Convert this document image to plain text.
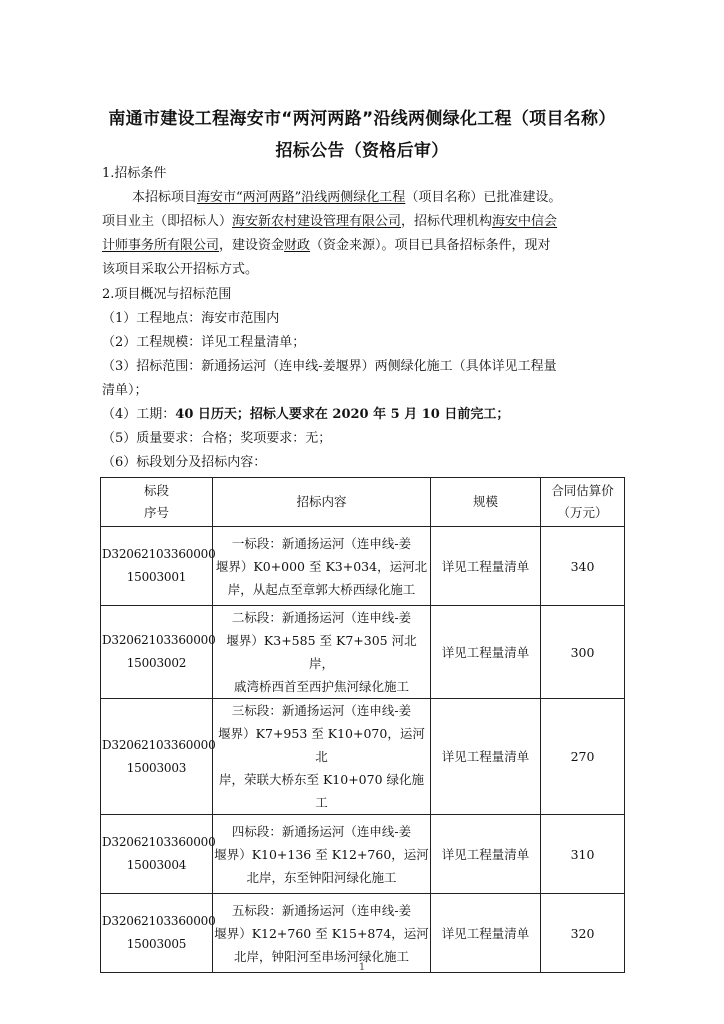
南通市建设工程海安市“两河两路”沿线两侧绿化工程（项目名称）
招标公告（资格后审）
1.招标条件
本招标项目海安市“两河两路”沿线两侧绿化工程（项目名称）已批准建设。
项目业主（即招标人）海安新农村建设管理有限公司，招标代理机构海安中信会
计师事务所有限公司，建设资金财政（资金来源）。项目已具备招标条件，现对
该项目采取公开招标方式。
2.项目概况与招标范围
（1）工程地点：海安市范围内
（2）工程规模：详见工程量清单；
（3）招标范围：新通扬运河（连申线-姜堰界）两侧绿化施工（具体详见工程量
清单）；
（4）工期：40 日历天；招标人要求在 2020 年 5 月 10 日前完工；
（5）质量要求：合格；奖项要求：无；
（6）标段划分及招标内容：
标段
序号	招标内容	规模	合同估算价
（万元）
D32062103360000
15003001	一标段：新通扬运河（连申线-姜
堰界）K0+000 至 K3+034，运河北
岸，从起点至章郭大桥西绿化施工	详见工程量清单	340
D32062103360000
15003002	二标段：新通扬运河（连申线-姜
堰界）K3+585 至 K7+305 河北岸，
戚湾桥西首至西护焦河绿化施工	详见工程量清单	300
D32062103360000
15003003	三标段：新通扬运河（连申线-姜
堰界）K7+953 至 K10+070，运河北
岸，荣联大桥东至 K10+070 绿化施
工	详见工程量清单	270
D32062103360000
15003004	四标段：新通扬运河（连申线-姜
堰界）K10+136 至 K12+760，运河
北岸，东至钟阳河绿化施工	详见工程量清单	310
D32062103360000
15003005	五标段：新通扬运河（连申线-姜
堰界）K12+760 至 K15+874，运河
北岸，钟阳河至串场河绿化施工	详见工程量清单	320
1
